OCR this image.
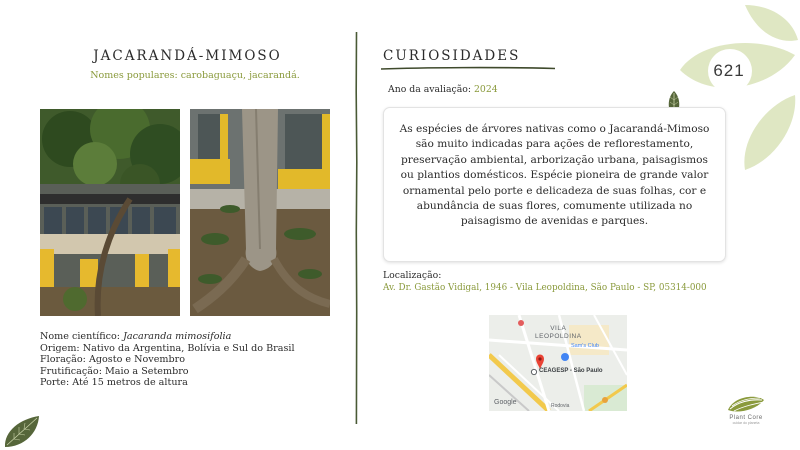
JACARANDÁ-MIMOSO
Nomes populares: carobaguaçu, jacarandá.
Nome científico: Jacaranda mimosifolia
Origem: Nativo da Argentina, Bolívia e Sul do Brasil
Floração: Agosto e Novembro
Frutificação: Maio a Setembro
Porte: Até 15 metros de altura
CURIOSIDADES
Ano da avaliação: 2024

As espécies de árvores nativas como o Jacarandá-Mimoso são muito indicadas para ações de reflorestamento, preservação ambiental, arborização urbana, paisagismos ou plantios domésticos. Espécie pioneira de grande valor ornamental pelo porte e delicadeza de suas folhas, cor e abundância de suas flores, comumente utilizada no paisagismo de avenidas e parques.

Localização:
Av. Dr. Gastão Vidigal, 1946 - Vila Leopoldina, São Paulo - SP, 05314-000
VILA
LEOPOLDINA
Sam's Club
CEAGESP - São Paulo
Google	Rodovia
621
Plant Core
cuidar do planeta
